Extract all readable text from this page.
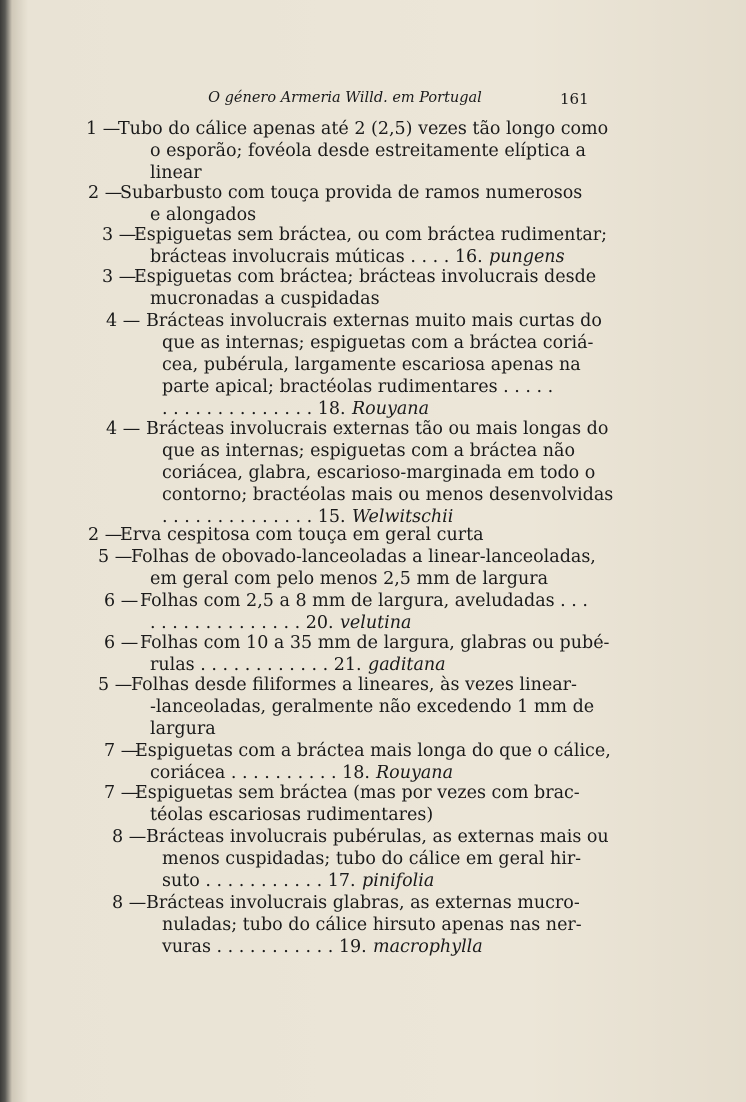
O género Armeria Willd. em Portugal	161
1 —
Tubo do cálice apenas até 2 (2,5) vezes tão longo como
o esporão; fovéola desde estreitamente elíptica a
linear
2 —
Subarbusto com touça provida de ramos numerosos
e alongados
3 —
Espiguetas sem bráctea, ou com bráctea rudimentar;
brácteas involucrais múticas . . . . 16. pungens
3 —
Espiguetas com bráctea; brácteas involucrais desde
mucronadas a cuspidadas
4 — Brácteas involucrais externas muito mais curtas do
que as internas; espiguetas com a bráctea coriá-
cea, pubérula, largamente escariosa apenas na
parte apical; bractéolas rudimentares . . . . .
. . . . . . . . . . . . . . 18. Rouyana
4 — Brácteas involucrais externas tão ou mais longas do
que as internas; espiguetas com a bráctea não
coriácea, glabra, escarioso-marginada em todo o
contorno; bractéolas mais ou menos desenvolvidas
. . . . . . . . . . . . . . 15. Welwitschii
2 —
Erva cespitosa com touça em geral curta
5 —
Folhas de obovado-lanceoladas a linear-lanceoladas,
em geral com pelo menos 2,5 mm de largura
6 — Folhas com 2,5 a 8 mm de largura, aveludadas . . .
. . . . . . . . . . . . . . 20. velutina
6 — Folhas com 10 a 35 mm de largura, glabras ou pubé-
rulas . . . . . . . . . . . . 21. gaditana
5 —
Folhas desde filiformes a lineares, às vezes linear-
-lanceoladas, geralmente não excedendo 1 mm de
largura
7 —
Espiguetas com a bráctea mais longa do que o cálice,
coriácea . . . . . . . . . . 18. Rouyana
7 —
Espiguetas sem bráctea (mas por vezes com brac-
téolas escariosas rudimentares)
8 — Brácteas involucrais pubérulas, as externas mais ou
menos cuspidadas; tubo do cálice em geral hir-
suto . . . . . . . . . . . 17. pinifolia
8 — Brácteas involucrais glabras, as externas mucro-
nuladas; tubo do cálice hirsuto apenas nas ner-
vuras . . . . . . . . . . . 19. macrophylla
